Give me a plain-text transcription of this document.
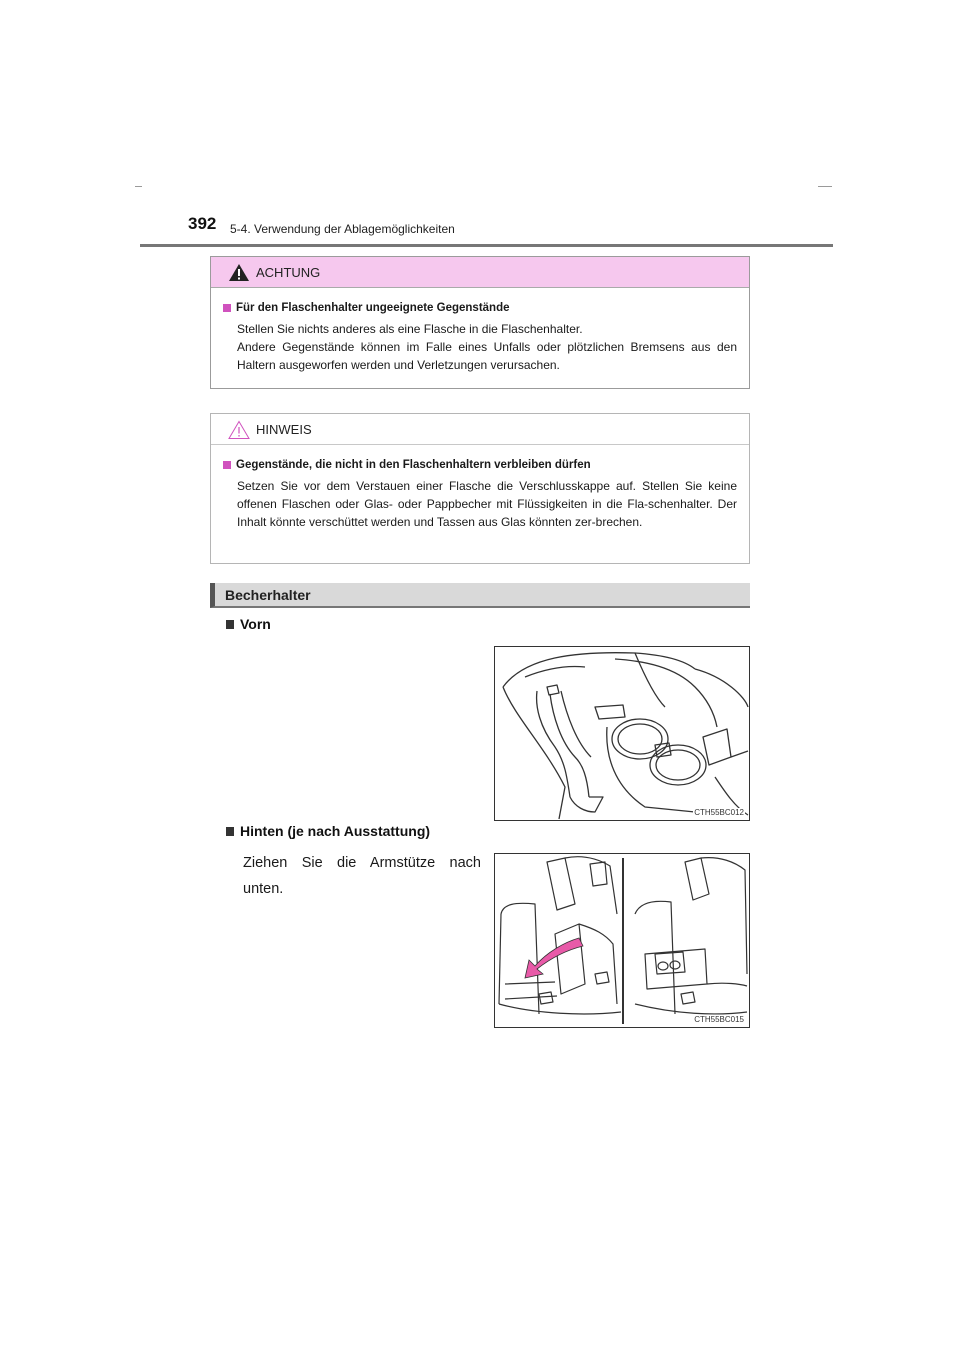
392 5-4. Verwendung der Ablagemöglichkeiten
ACHTUNG
Für den Flaschenhalter ungeeignete Gegenstände
Stellen Sie nichts anderes als eine Flasche in die Flaschenhalter.
Andere Gegenstände können im Falle eines Unfalls oder plötzlichen Bremsens aus den Haltern ausgeworfen werden und Verletzungen verursachen.
HINWEIS
Gegenstände, die nicht in den Flaschenhaltern verbleiben dürfen
Setzen Sie vor dem Verstauen einer Flasche die Verschlusskappe auf. Stellen Sie keine offenen Flaschen oder Glas- oder Pappbecher mit Flüssigkeiten in die Fla-schenhalter. Der Inhalt könnte verschüttet werden und Tassen aus Glas könnten zer-brechen.
Becherhalter
Vorn
CTH55BC012
Hinten (je nach Ausstattung)
Ziehen Sie die Armstütze nach unten.
CTH55BC015
